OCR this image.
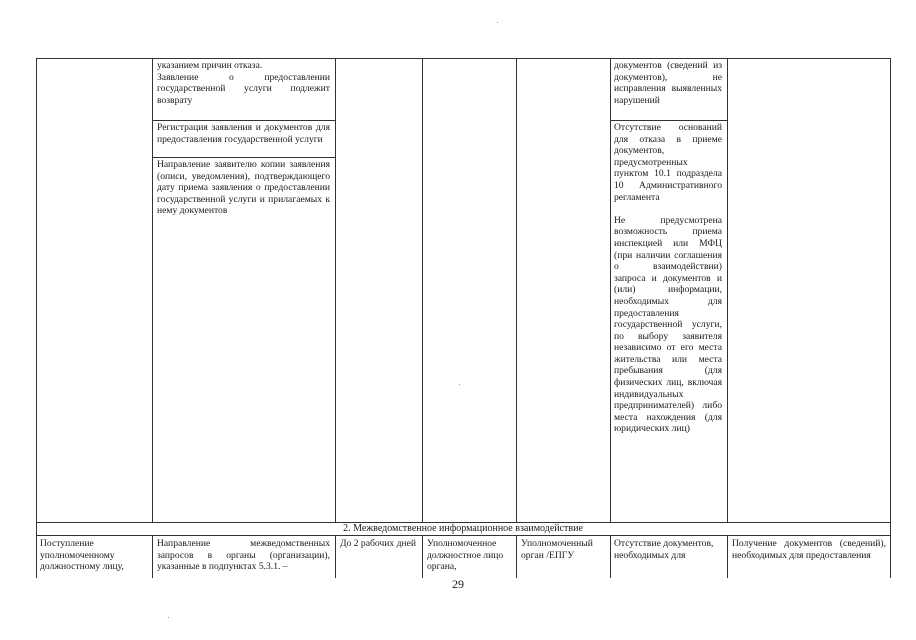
указанием причин отказа.
Заявление о предоставлении государственной услуги подлежит возврату
Регистрация заявления и документов для предоставления государственной услуги
Направление заявителю копии заявления (описи, уведомления), подтверждающего дату приема заявления о предоставлении государственной услуги и прилагаемых к нему документов
документов (сведений из документов), не исправления выявленных нарушений
Отсутствие оснований для отказа в приеме документов, предусмотренных пунктом 10.1 подраздела 10 Административного регламента

Не предусмотрена возможность приема инспекцией или МФЦ (при наличии соглашения о взаимодействии) запроса и документов и (или) информации, необходимых для предоставления государственной услуги, по выбору заявителя независимо от его места жительства или места пребывания (для физических лиц, включая индивидуальных предпринимателей) либо места нахождения (для юридических лиц)
2. Межведомственное информационное взаимодействие
Поступление уполномоченному должностному лицу,
Направление межведомственных запросов в органы (организации), указанные в подпунктах 5.3.1. –
До 2 рабочих дней Уполномоченное должностное лицо органа,
Уполномоченный орган /ЕПГУ
Отсутствие документов, необходимых для
Получение документов (сведений), необходимых для предоставления
29
